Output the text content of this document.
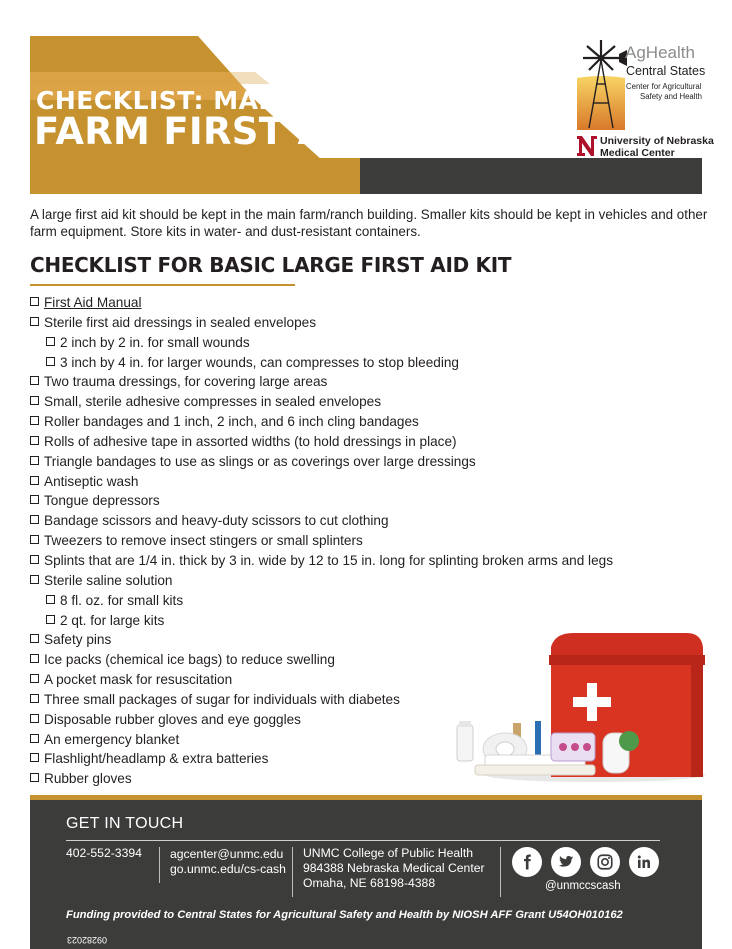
CHECKLIST: MAKE YOUR OWN
FARM FIRST AID KIT
AgHealth
Central States
Center for Agricultural
Safety and Health
University of Nebraska
Medical Center
A large first aid kit should be kept in the main farm/ranch building. Smaller kits should be kept in vehicles and other farm equipment. Store kits in water- and dust-resistant containers.
CHECKLIST FOR BASIC LARGE FIRST AID KIT
First Aid Manual
Sterile first aid dressings in sealed envelopes
2 inch by 2 in. for small wounds
3 inch by 4 in. for larger wounds, can compresses to stop bleeding
Two trauma dressings, for covering large areas
Small, sterile adhesive compresses in sealed envelopes
Roller bandages and 1 inch, 2 inch, and 6 inch cling bandages
Rolls of adhesive tape in assorted widths (to hold dressings in place)
Triangle bandages to use as slings or as coverings over large dressings
Antiseptic wash
Tongue depressors
Bandage scissors and heavy-duty scissors to cut clothing
Tweezers to remove insect stingers or small splinters
Splints that are 1/4 in. thick by 3 in. wide by 12 to 15 in. long for splinting broken arms and legs
Sterile saline solution
8 fl. oz. for small kits
2 qt. for large kits
Safety pins
Ice packs (chemical ice bags) to reduce swelling
A pocket mask for resuscitation
Three small packages of sugar for individuals with diabetes
Disposable rubber gloves and eye goggles
An emergency blanket
Flashlight/headlamp & extra batteries
Rubber gloves
GET IN TOUCH
402-552-3394 agcenter@unmc.edu
go.unmc.edu/cs-cash
UNMC College of Public Health
984388 Nebraska Medical Center
Omaha, NE 68198-4388	@unmccscash
Funding provided to Central States for Agricultural Safety and Health by NIOSH AFF Grant U54OH010162
09282023
